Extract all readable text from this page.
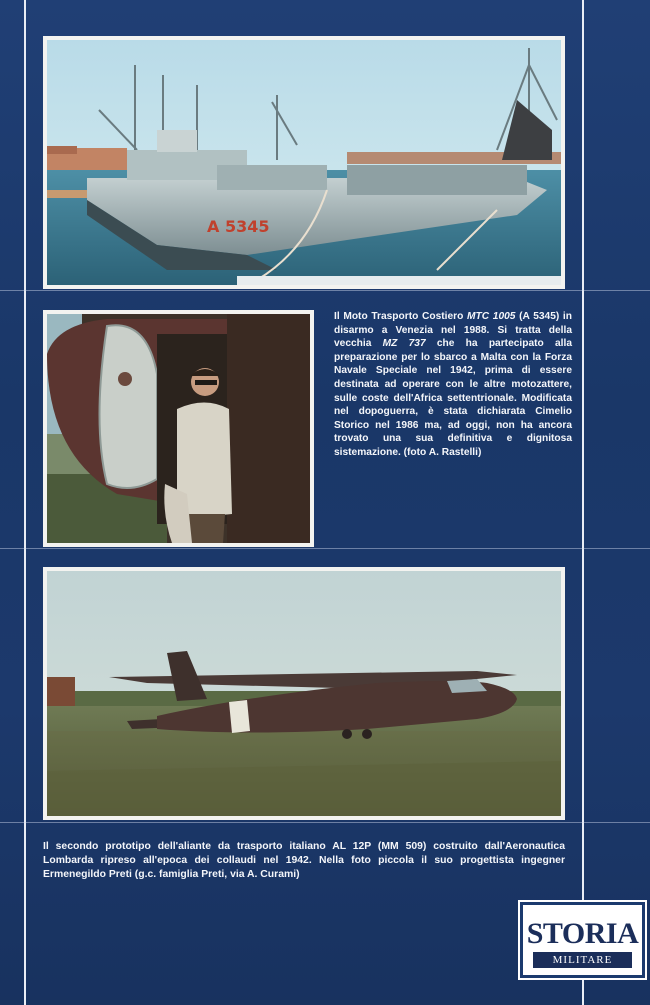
A 5345
Il Moto Trasporto Costiero MTC 1005 (A 5345) in disarmo a Venezia nel 1988. Si tratta della vecchia MZ 737 che ha partecipato alla preparazione per lo sbarco a Malta con la Forza Navale Speciale nel 1942, prima di essere destinata ad operare con le altre motozattere, sulle coste dell'Africa settentrionale. Modificata nel dopoguerra, è stata dichiarata Cimelio Storico nel 1986 ma, ad oggi, non ha ancora trovato una sua definitiva e dignitosa sistemazione. (foto A. Rastelli)
Il secondo prototipo dell'aliante da trasporto italiano AL 12P (MM 509) costruito dall'Aeronautica Lombarda ripreso all'epoca dei collaudi nel 1942. Nella foto piccola il suo progettista ingegner Ermenegildo Preti (g.c. famiglia Preti, via A. Curami)
STORIA
MILITARE
